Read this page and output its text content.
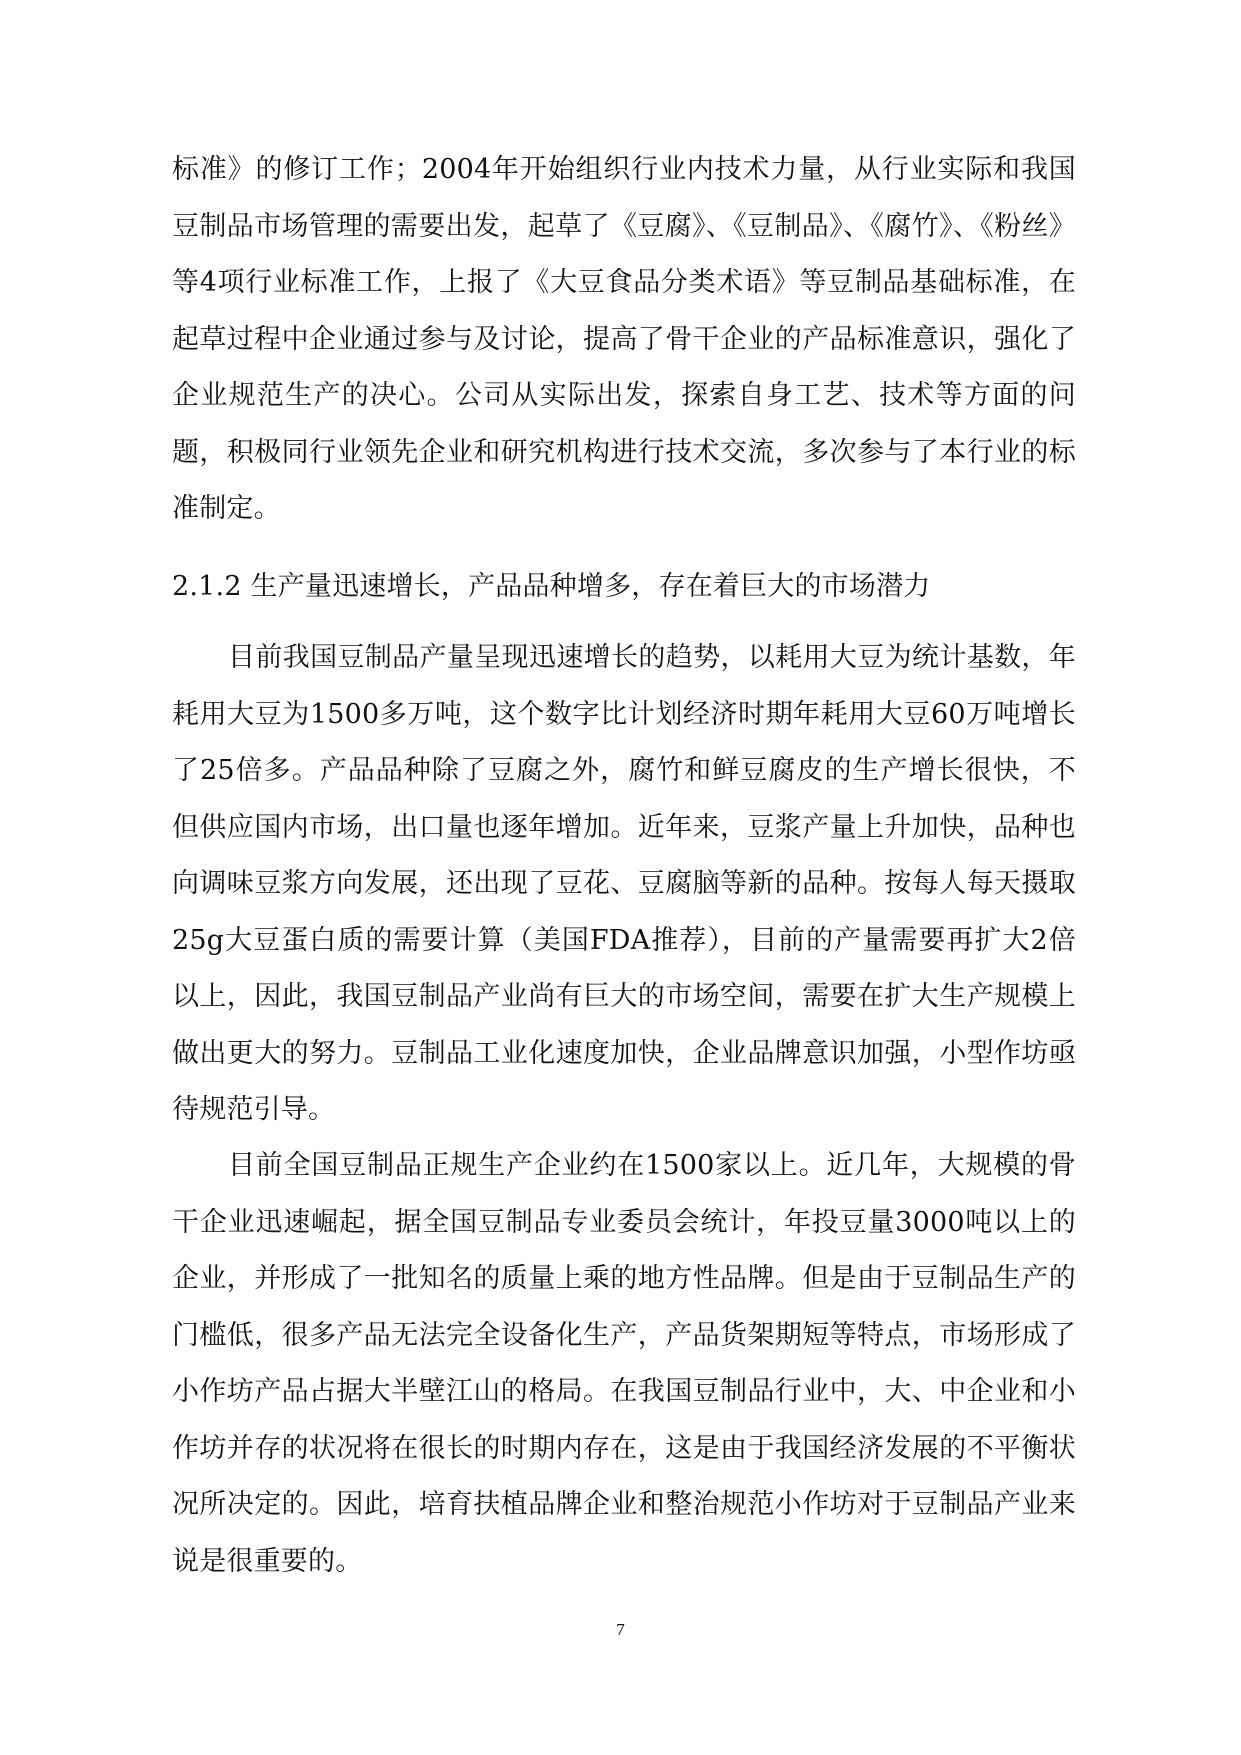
标准》的修订工作；2004年开始组织行业内技术力量，从行业实际和我国豆制品市场管理的需要出发，起草了《豆腐》、《豆制品》、《腐竹》、《粉丝》等4项行业标准工作，上报了《大豆食品分类术语》等豆制品基础标准，在起草过程中企业通过参与及讨论，提高了骨干企业的产品标准意识，强化了企业规范生产的决心。公司从实际出发，探索自身工艺、技术等方面的问题，积极同行业领先企业和研究机构进行技术交流，多次参与了本行业的标准制定。

2.1.2 生产量迅速增长，产品品种增多，存在着巨大的市场潜力

目前我国豆制品产量呈现迅速增长的趋势，以耗用大豆为统计基数，年耗用大豆为1500多万吨，这个数字比计划经济时期年耗用大豆60万吨增长了25倍多。产品品种除了豆腐之外，腐竹和鲜豆腐皮的生产增长很快，不但供应国内市场，出口量也逐年增加。近年来，豆浆产量上升加快，品种也向调味豆浆方向发展，还出现了豆花、豆腐脑等新的品种。按每人每天摄取25g大豆蛋白质的需要计算（美国FDA推荐），目前的产量需要再扩大2倍以上，因此，我国豆制品产业尚有巨大的市场空间，需要在扩大生产规模上做出更大的努力。豆制品工业化速度加快，企业品牌意识加强，小型作坊亟待规范引导。

目前全国豆制品正规生产企业约在1500家以上。近几年，大规模的骨干企业迅速崛起，据全国豆制品专业委员会统计，年投豆量3000吨以上的企业，并形成了一批知名的质量上乘的地方性品牌。但是由于豆制品生产的门槛低，很多产品无法完全设备化生产，产品货架期短等特点，市场形成了小作坊产品占据大半壁江山的格局。在我国豆制品行业中，大、中企业和小作坊并存的状况将在很长的时期内存在，这是由于我国经济发展的不平衡状况所决定的。因此，培育扶植品牌企业和整治规范小作坊对于豆制品产业来说是很重要的。

7
